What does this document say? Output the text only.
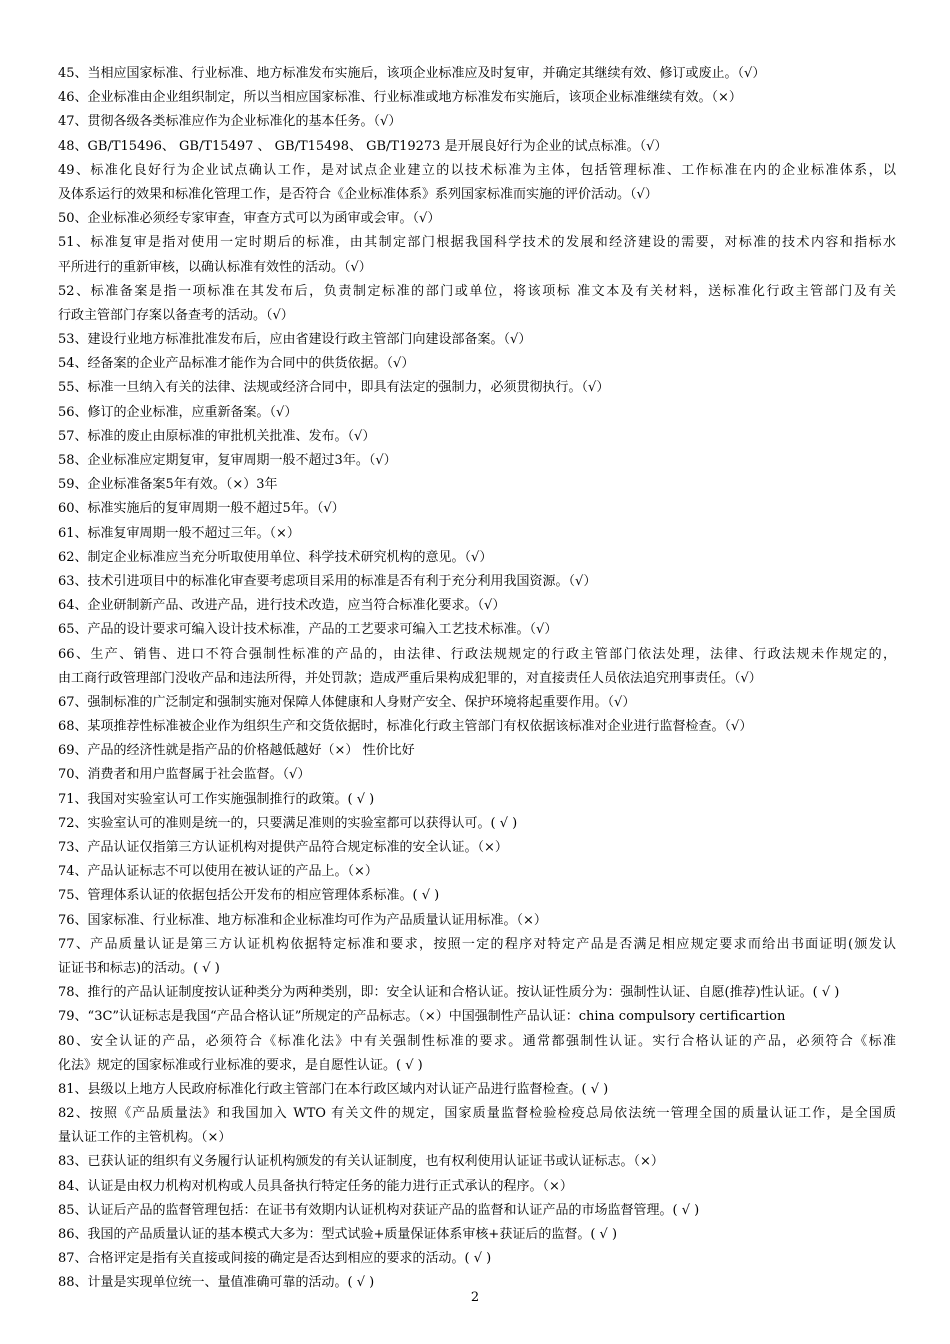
45、当相应国家标准、行业标准、地方标准发布实施后，该项企业标准应及时复审，并确定其继续有效、修订或废止。（√）
46、企业标准由企业组织制定，所以当相应国家标准、行业标准或地方标准发布实施后，该项企业标准继续有效。（×）
47、贯彻各级各类标准应作为企业标准化的基本任务。（√）
48、GB/T15496、 GB/T15497 、 GB/T15498、 GB/T19273 是开展良好行为企业的试点标准。（√）
49、标准化良好行为企业试点确认工作，是对试点企业建立的以技术标准为主体，包括管理标准、工作标准在内的企业标准体系，以
及体系运行的效果和标准化管理工作，是否符合《企业标准体系》系列国家标准而实施的评价活动。（√）
50、企业标准必须经专家审查，审查方式可以为函审或会审。（√）
51、标准复审是指对使用一定时期后的标准，由其制定部门根据我国科学技术的发展和经济建设的需要，对标准的技术内容和指标水
平所进行的重新审核，以确认标准有效性的活动。（√）
52、标准备案是指一项标准在其发布后，负责制定标准的部门或单位，将该项标 准文本及有关材料，送标准化行政主管部门及有关
行政主管部门存案以备查考的活动。（√）
53、建设行业地方标准批准发布后，应由省建设行政主管部门向建设部备案。（√）
54、经备案的企业产品标准才能作为合同中的供货依据。（√）
55、标准一旦纳入有关的法律、法规或经济合同中，即具有法定的强制力，必须贯彻执行。（√）
56、修订的企业标准，应重新备案。（√）
57、标准的废止由原标准的审批机关批准、发布。（√）
58、企业标准应定期复审，复审周期一般不超过3年。（√）
59、企业标准备案5年有效。（×）3年
60、标准实施后的复审周期一般不超过5年。（√）
61、标准复审周期一般不超过三年。（×）
62、制定企业标准应当充分听取使用单位、科学技术研究机构的意见。（√）
63、技术引进项目中的标准化审查要考虑项目采用的标准是否有利于充分利用我国资源。（√）
64、企业研制新产品、改进产品，进行技术改造，应当符合标准化要求。（√）
65、产品的设计要求可编入设计技术标准，产品的工艺要求可编入工艺技术标准。（√）
66、生产、销售、进口不符合强制性标准的产品的，由法律、行政法规规定的行政主管部门依法处理，法律、行政法规未作规定的，
由工商行政管理部门没收产品和违法所得，并处罚款；造成严重后果构成犯罪的，对直接责任人员依法追究刑事责任。（√）
67、强制标准的广泛制定和强制实施对保障人体健康和人身财产安全、保护环境将起重要作用。（√）
68、某项推荐性标准被企业作为组织生产和交货依据时，标准化行政主管部门有权依据该标准对企业进行监督检查。（√）
69、产品的经济性就是指产品的价格越低越好（×） 性价比好
70、消费者和用户监督属于社会监督。（√）
71、我国对实验室认可工作实施强制推行的政策。( √ )
72、实验室认可的准则是统一的，只要满足准则的实验室都可以获得认可。( √ )
73、产品认证仅指第三方认证机构对提供产品符合规定标准的安全认证。（×）
74、产品认证标志不可以使用在被认证的产品上。（×）
75、管理体系认证的依据包括公开发布的相应管理体系标准。( √ )
76、国家标准、行业标准、地方标准和企业标准均可作为产品质量认证用标准。（×）
77、产品质量认证是第三方认证机构依据特定标准和要求，按照一定的程序对特定产品是否满足相应规定要求而给出书面证明(颁发认
证证书和标志)的活动。( √ )
78、推行的产品认证制度按认证种类分为两种类别，即：安全认证和合格认证。按认证性质分为：强制性认证、自愿(推荐)性认证。( √ )
79、“3C”认证标志是我国“产品合格认证”所规定的产品标志。（×）中国强制性产品认证：china compulsory certificartion
80、安全认证的产品，必须符合《标准化法》中有关强制性标准的要求。通常都强制性认证。实行合格认证的产品，必须符合《标准
化法》规定的国家标准或行业标准的要求，是自愿性认证。( √ )
81、县级以上地方人民政府标准化行政主管部门在本行政区域内对认证产品进行监督检查。( √ )
82、按照《产品质量法》和我国加入 WTO 有关文件的规定，国家质量监督检验检疫总局依法统一管理全国的质量认证工作，是全国质
量认证工作的主管机构。（×）
83、已获认证的组织有义务履行认证机构颁发的有关认证制度，也有权利使用认证证书或认证标志。（×）
84、认证是由权力机构对机构或人员具备执行特定任务的能力进行正式承认的程序。（×）
85、认证后产品的监督管理包括：在证书有效期内认证机构对获证产品的监督和认证产品的市场监督管理。( √ )
86、我国的产品质量认证的基本模式大多为：型式试验+质量保证体系审核+获证后的监督。( √ )
87、合格评定是指有关直接或间接的确定是否达到相应的要求的活动。( √ )
88、计量是实现单位统一、量值准确可靠的活动。( √ )
2
